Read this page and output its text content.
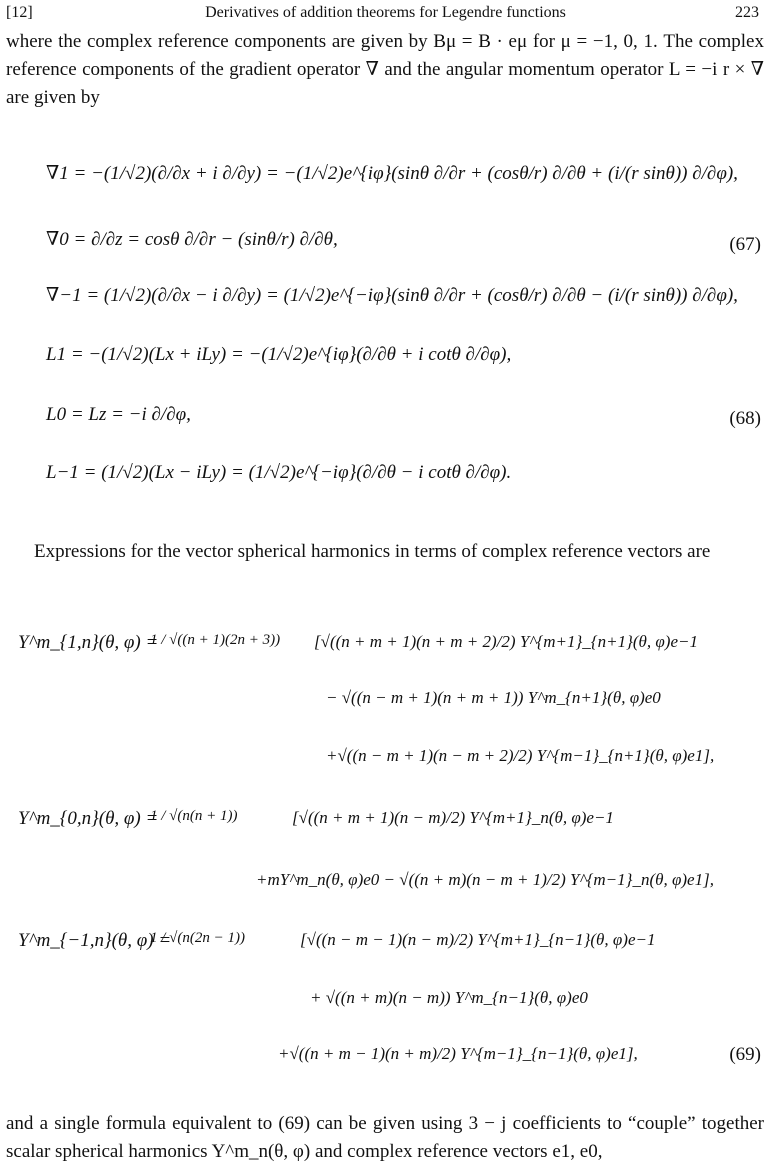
[12]	Derivatives of addition theorems for Legendre functions	223
where the complex reference components are given by Bμ = B · eμ for μ = −1, 0, 1. The complex reference components of the gradient operator ∇ and the angular momentum operator L = −i r × ∇ are given by
∇1 = −(1/√2)(∂/∂x + i ∂/∂y) = −(1/√2)e^{iφ}(sinθ ∂/∂r + (cosθ/r) ∂/∂θ + (i/(r sinθ)) ∂/∂φ),
∇0 = ∂/∂z = cosθ ∂/∂r − (sinθ/r) ∂/∂θ,	(67)
∇−1 = (1/√2)(∂/∂x − i ∂/∂y) = (1/√2)e^{−iφ}(sinθ ∂/∂r + (cosθ/r) ∂/∂θ − (i/(r sinθ)) ∂/∂φ),
L1 = −(1/√2)(Lx + iLy) = −(1/√2)e^{iφ}(∂/∂θ + i cotθ ∂/∂φ),
L0 = Lz = −i ∂/∂φ,	(68)
L−1 = (1/√2)(Lx − iLy) = (1/√2)e^{−iφ}(∂/∂θ − i cotθ ∂/∂φ).
Expressions for the vector spherical harmonics in terms of complex reference vectors are
Y^m_{1,n}(θ, φ) =
1 / √((n + 1)(2n + 3)) [√((n + m + 1)(n + m + 2)/2) Y^{m+1}_{n+1}(θ, φ)e−1
− √((n − m + 1)(n + m + 1)) Y^m_{n+1}(θ, φ)e0
+√((n − m + 1)(n − m + 2)/2) Y^{m−1}_{n+1}(θ, φ)e1],
Y^m_{0,n}(θ, φ) =
1 / √(n(n + 1))	[√((n + m + 1)(n − m)/2) Y^{m+1}_n(θ, φ)e−1
+mY^m_n(θ, φ)e0 − √((n + m)(n − m + 1)/2) Y^{m−1}_n(θ, φ)e1],
Y^m_{−1,n}(θ, φ) =
1 / √(n(2n − 1))	[√((n − m − 1)(n − m)/2) Y^{m+1}_{n−1}(θ, φ)e−1
+ √((n + m)(n − m)) Y^m_{n−1}(θ, φ)e0
+√((n + m − 1)(n + m)/2) Y^{m−1}_{n−1}(θ, φ)e1],	(69)
and a single formula equivalent to (69) can be given using 3 − j coefficients to “couple” together scalar spherical harmonics Y^m_n(θ, φ) and complex reference vectors e1, e0,
